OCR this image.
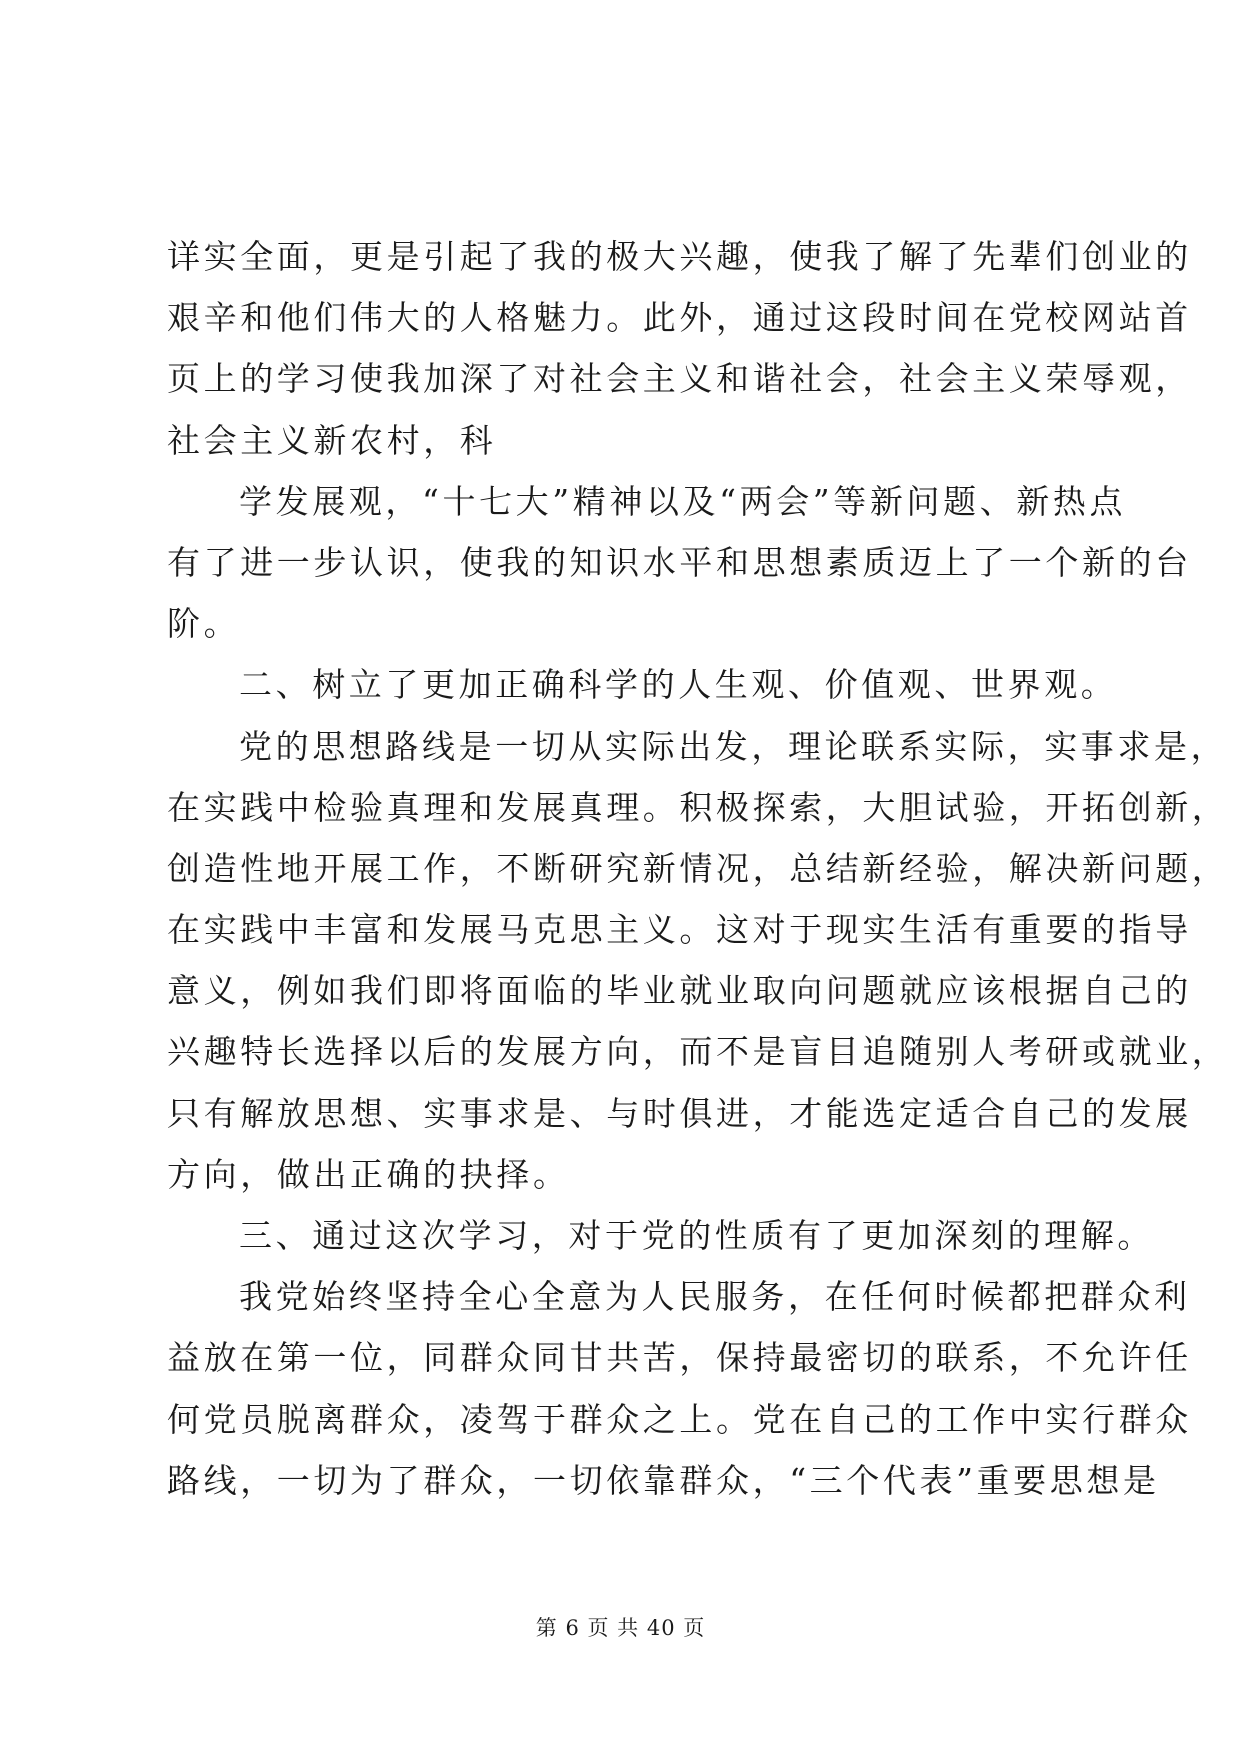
详实全面，更是引起了我的极大兴趣，使我了解了先辈们创业的
艰辛和他们伟大的人格魅力。此外，通过这段时间在党校网站首
页上的学习使我加深了对社会主义和谐社会，社会主义荣辱观，
社会主义新农村，科
学发展观，“十七大”精神以及“两会”等新问题、新热点
有了进一步认识，使我的知识水平和思想素质迈上了一个新的台
阶。
二、树立了更加正确科学的人生观、价值观、世界观。
党的思想路线是一切从实际出发，理论联系实际，实事求是，
在实践中检验真理和发展真理。积极探索，大胆试验，开拓创新，
创造性地开展工作，不断研究新情况，总结新经验，解决新问题，
在实践中丰富和发展马克思主义。这对于现实生活有重要的指导
意义，例如我们即将面临的毕业就业取向问题就应该根据自己的
兴趣特长选择以后的发展方向，而不是盲目追随别人考研或就业，
只有解放思想、实事求是、与时俱进，才能选定适合自己的发展
方向，做出正确的抉择。
三、通过这次学习，对于党的性质有了更加深刻的理解。
我党始终坚持全心全意为人民服务，在任何时候都把群众利
益放在第一位，同群众同甘共苦，保持最密切的联系，不允许任
何党员脱离群众，凌驾于群众之上。党在自己的工作中实行群众
路线，一切为了群众，一切依靠群众，“三个代表”重要思想是
第 6 页 共 40 页
